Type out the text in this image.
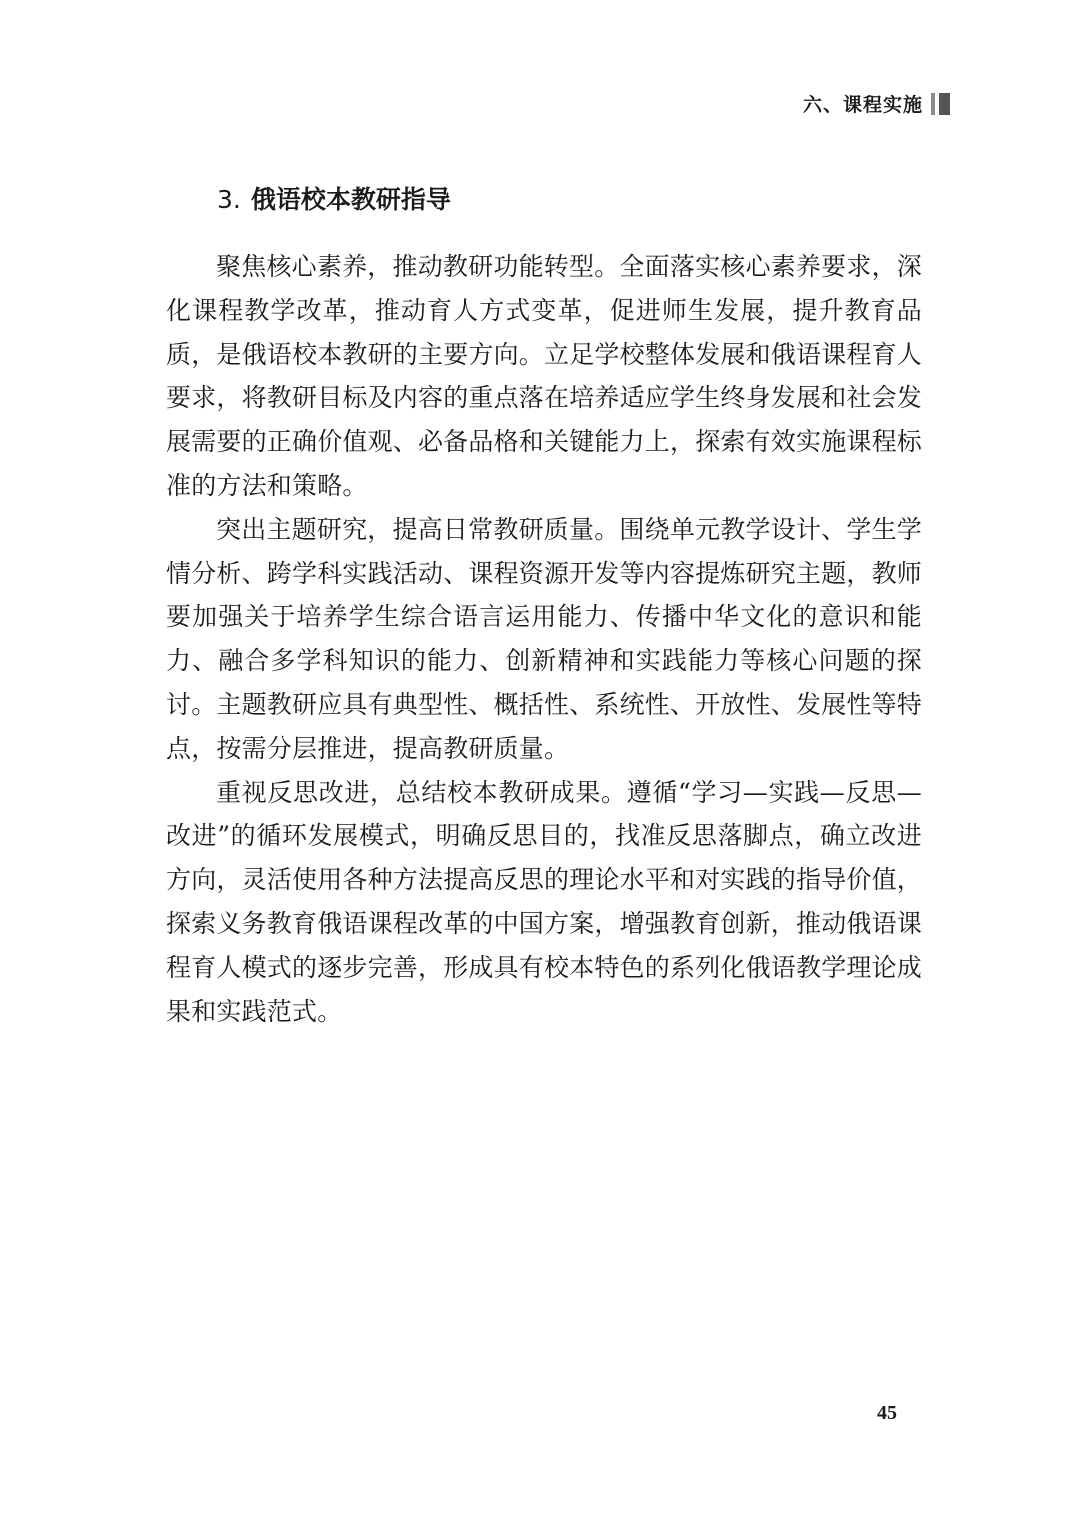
六、课程实施
3. 俄语校本教研指导

聚焦核心素养，推动教研功能转型。全面落实核心素养要求，深化课程教学改革，推动育人方式变革，促进师生发展，提升教育品质，是俄语校本教研的主要方向。立足学校整体发展和俄语课程育人要求，将教研目标及内容的重点落在培养适应学生终身发展和社会发展需要的正确价值观、必备品格和关键能力上，探索有效实施课程标准的方法和策略。

突出主题研究，提高日常教研质量。围绕单元教学设计、学生学情分析、跨学科实践活动、课程资源开发等内容提炼研究主题，教师要加强关于培养学生综合语言运用能力、传播中华文化的意识和能力、融合多学科知识的能力、创新精神和实践能力等核心问题的探讨。主题教研应具有典型性、概括性、系统性、开放性、发展性等特点，按需分层推进，提高教研质量。

重视反思改进，总结校本教研成果。遵循“学习—实践—反思—改进”的循环发展模式，明确反思目的，找准反思落脚点，确立改进方向，灵活使用各种方法提高反思的理论水平和对实践的指导价值，探索义务教育俄语课程改革的中国方案，增强教育创新，推动俄语课程育人模式的逐步完善，形成具有校本特色的系列化俄语教学理论成果和实践范式。

45
